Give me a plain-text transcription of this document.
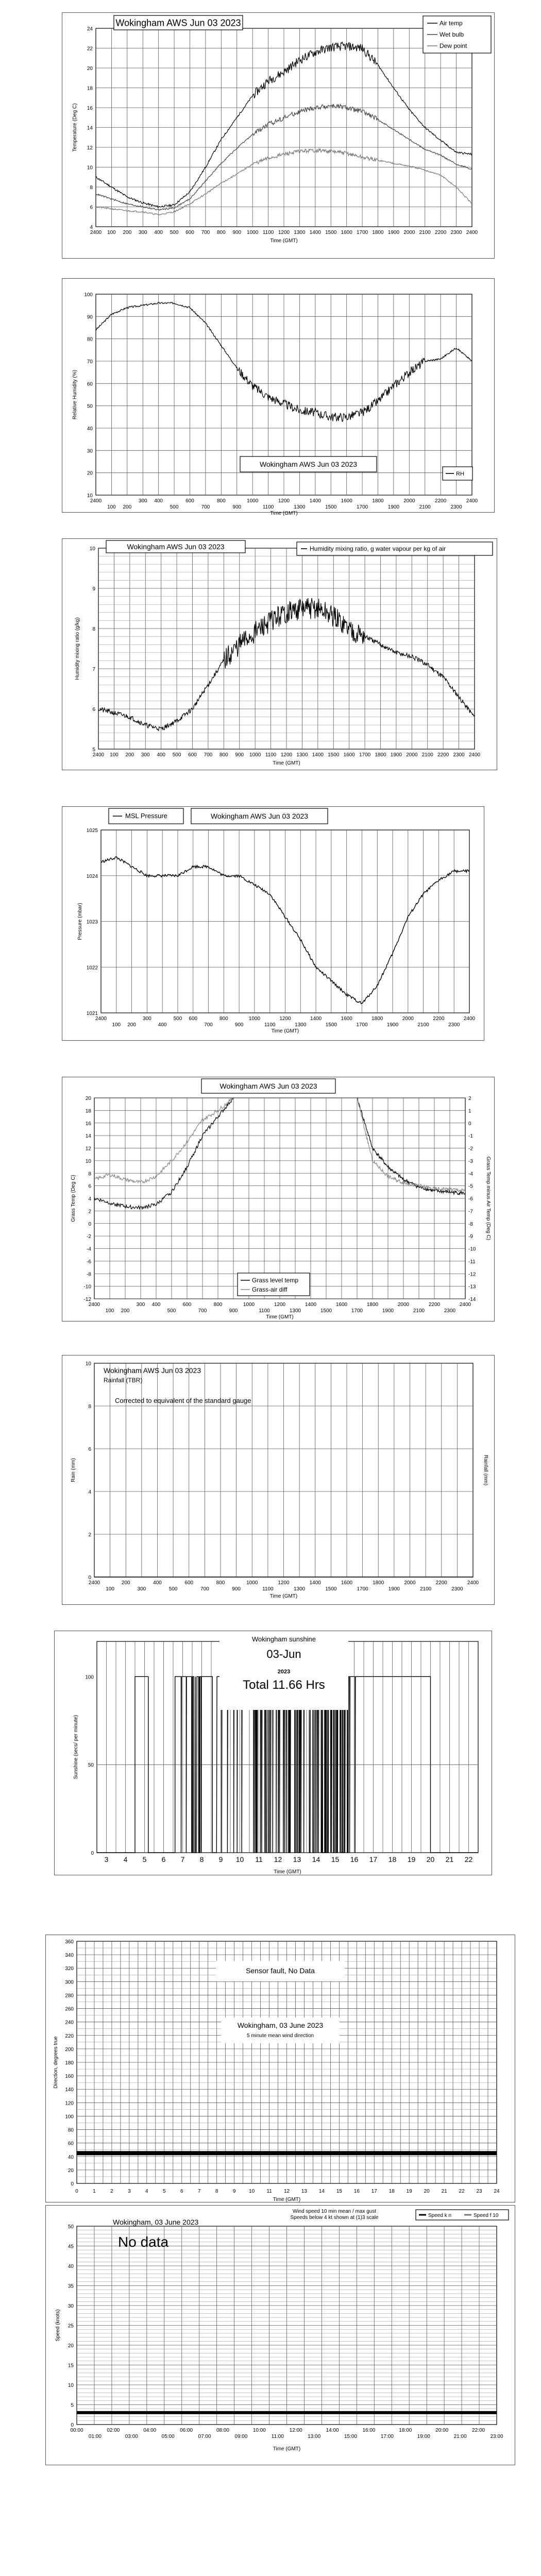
4
6
8
10
12
14
16
18
20
22
24
2400 100 200 300 400 500 600 700 800 900 1000 1100 1200 1300 1400 1500 1600 1700 1800 1900 2000 2100 2200 2300 2400
Time (GMT)
Temperature (Deg C)
Wokingham AWS Jun 03 2023	Air temp
Wet bulb
Dew point
10
20
30
40
50
60
70
80
90
100
2400	300 400	600	800	1000	1200	1400	1600	1800	2000	2200	2400
100 200	500	700	900	1100	1300	1500	1700	1900	2100	2300
Time (GMT)
Relative Humidity (%)
Wokingham AWS Jun 03 2023
RH
5
6
7
8
9
10
2400 100 200 300 400 500 600 700 800 900 1000 1100 1200 1300 1400 1500 1600 1700 1800 1900 2000 2100 2200 2300 2400
Time (GMT)
Humidity mixing ratio (g/kg)
Wokingham AWS Jun 03 2023	Humidity mixing ratio, g water vapour per kg of air
1021
1022
1023
1024
1025
2400	300	500 600	800	1000	1200	1400	1600	1800	2000	2200	2400
100 200	400	700	900	1100	1300	1500	1700	1900	2100	2300
Time (GMT)
Pressure (mbar)
MSL Pressure	Wokingham AWS Jun 03 2023
20
18
16
14
12
10
8
6
4
2
0
-2
-4
-6
-8
-10
-12
2
1
0
-1
-2
-3
-4
-5
-6
-7
-8
-9
-10
-11
-12
-13
-14
2400	300 400	600	800	1000	1200	1400	1600	1800	2000	2200	2400
100 200	500	700	900	1100	1300	1500	1700	1900	2100	2300
Time (GMT)
Grass Temp (Deg C)	Grass Temp minus Air Temp (Deg C)
Wokingham AWS Jun 03 2023
Grass level temp
Grass-air diff
0
2
4
6
8
10
2400	200	400	600	800	1000	1200	1400	1600	1800	2000	2200	2400
100	300	500	700	900	1100	1300	1500	1700	1900	2100	2300
Time (GMT)
Rain (mm)	Rainfall (mm)
Wokingham AWS Jun 03 2023
Rainfall (TBR)
Corrected to equivalent of the standard gauge
0
50
100
3 4 5 6 7 8 9 10 11 12 13 14 15 16 17 18 19 20 21 22
Time (GMT)
Sunshine (secs/ per minute)
Wokingham sunshine
03-Jun
2023
Total 11.66 Hrs
0
20
40
60
80
100
120
140
160
180
200
220
240
260
280
300
320
340
360
0	1	2	3	4	5	6	7	8	9	10 11 12 13 14 15 16 17 18 19 20 21 22 23 24
Time (GMT)
Direction, degrees true
Sensor fault, No Data
Wokingham, 03 June 2023
5 minute mean wind direction
0
5
10
15
20
25
30
35
40
45
50
00:00	02:00	04:00	06:00	08:00	10:00	12:00	14:00	16:00	18:00	20:00	22:00
01:00	03:00	05:00	07:00	09:00	11:00	13:00	15:00	17:00	19:00	21:00	23:00
Time (GMT)
Speed (knots)
Wokingham, 03 June 2023
No data
Wind speed 10 min mean / max gust
Speeds below 4 kt shown at (1)3 scale	Speed k n	Speed f 10
